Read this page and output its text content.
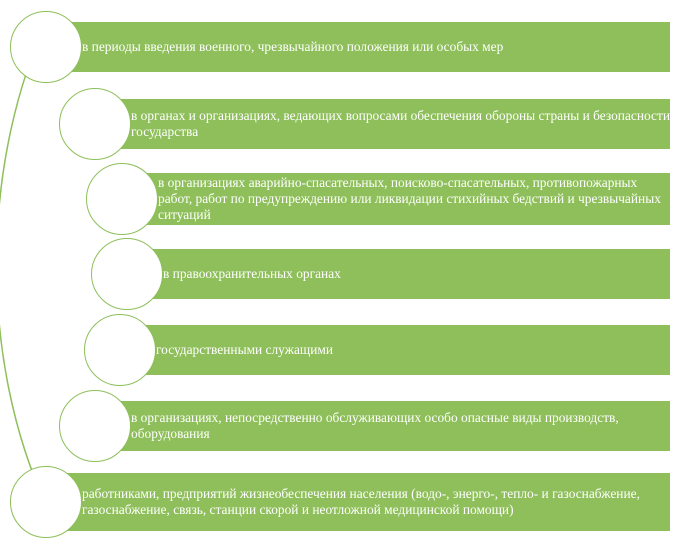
в периоды введения военного, чрезвычайного положения или особых мер
в органах и организациях, ведающих вопросами обеспечения обороны страны и безопасности государства
в организациях аварийно-спасательных, поисково-спасательных, противопожарных работ, работ по предупреждению или ликвидации стихийных бедствий и чрезвычайных ситуаций
в правоохранительных органах
государственными служащими
в организациях, непосредственно обслуживающих особо опасные виды производств, оборудования
работниками, предприятий жизнеобеспечения населения (водо-, энерго-, тепло- и газоснабжение, газоснабжение, связь, станции скорой и неотложной медицинской помощи)
